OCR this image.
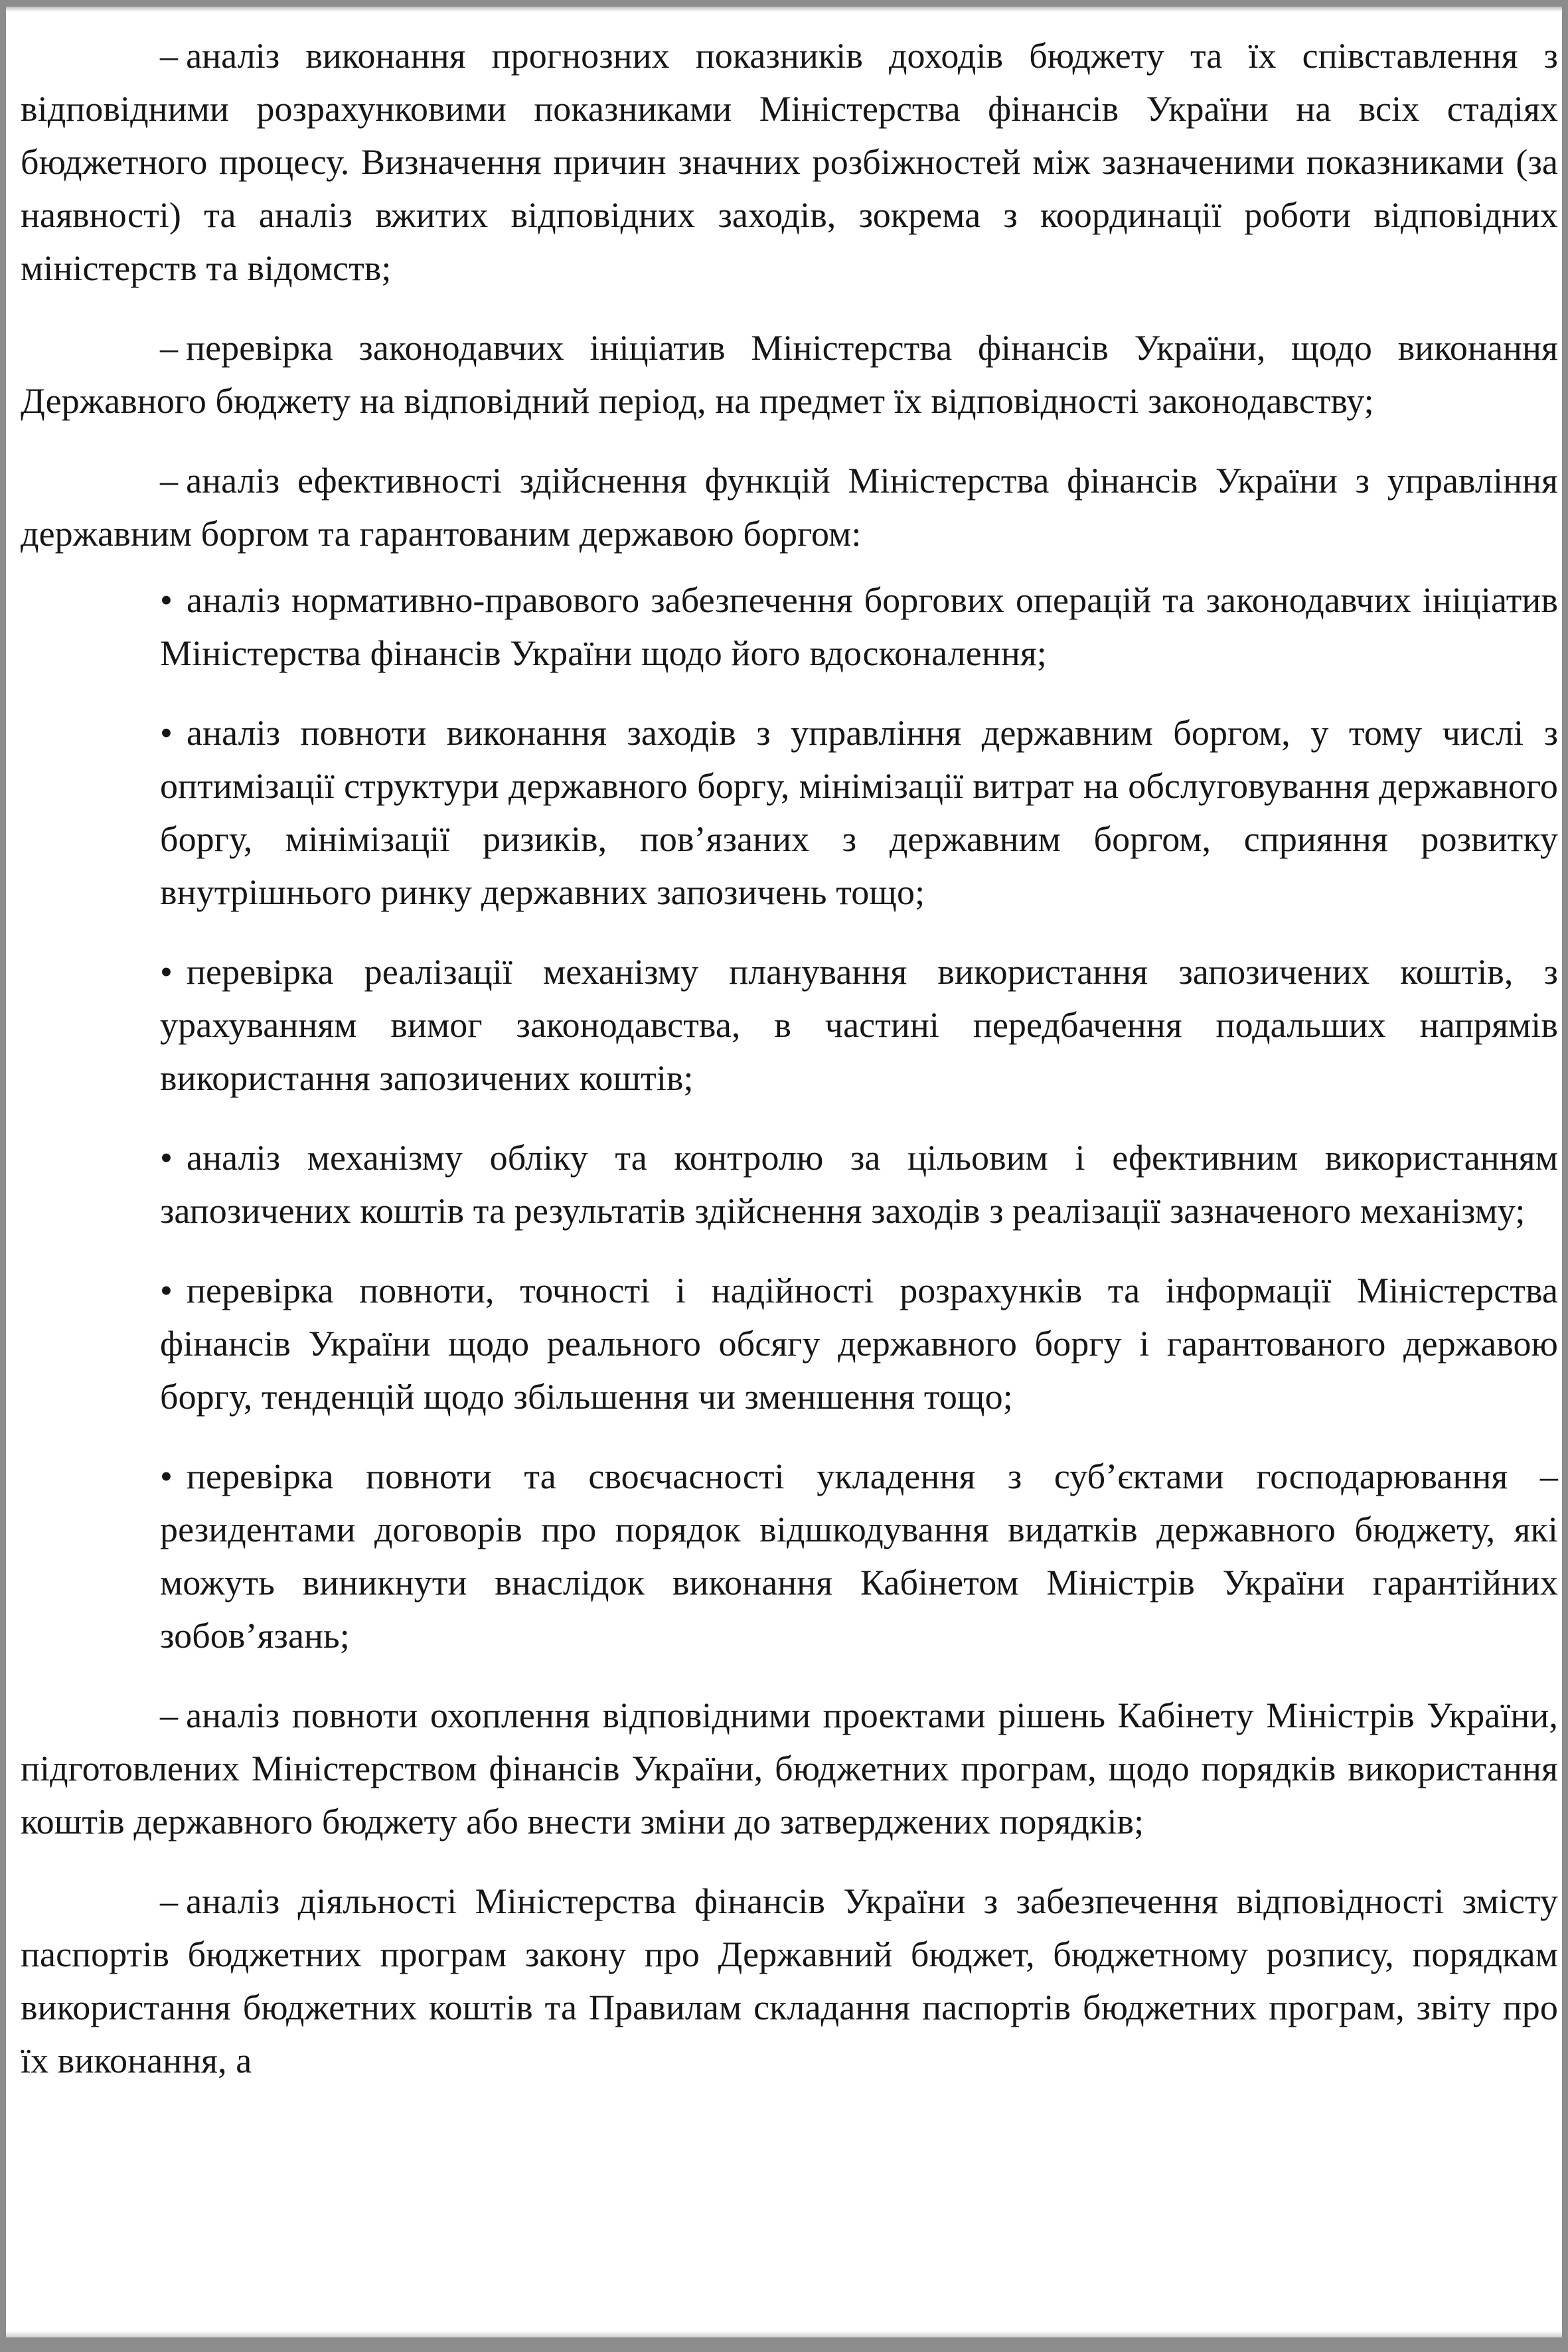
– аналіз виконання прогнозних показників доходів бюджету та їх співставлення з відповідними розрахунковими показниками Міністерства фінансів України на всіх стадіях бюджетного процесу. Визначення причин значних розбіжностей між зазначеними показниками (за наявності) та аналіз вжитих відповідних заходів, зокрема з координації роботи відповідних міністерств та відомств;

– перевірка законодавчих ініціатив Міністерства фінансів України, щодо виконання Державного бюджету на відповідний період, на предмет їх відповідності законодавству;

– аналіз ефективності здійснення функцій Міністерства фінансів України з управління державним боргом та гарантованим державою боргом:

• аналіз нормативно-правового забезпечення боргових операцій та законодавчих ініціатив Міністерства фінансів України щодо його вдосконалення;

• аналіз повноти виконання заходів з управління державним боргом, у тому числі з оптимізації структури державного боргу, мінімізації витрат на обслуговування державного боргу, мінімізації ризиків, пов’язаних з державним боргом, сприяння розвитку внутрішнього ринку державних запозичень тощо;

• перевірка реалізації механізму планування використання запозичених коштів, з урахуванням вимог законодавства, в частині передбачення подальших напрямів використання запозичених коштів;

• аналіз механізму обліку та контролю за цільовим і ефективним використанням запозичених коштів та результатів здійснення заходів з реалізації зазначеного механізму;

• перевірка повноти, точності і надійності розрахунків та інформації Міністерства фінансів України щодо реального обсягу державного боргу і гарантованого державою боргу, тенденцій щодо збільшення чи зменшення тощо;

• перевірка повноти та своєчасності укладення з суб’єктами господарювання – резидентами договорів про порядок відшкодування видатків державного бюджету, які можуть виникнути внаслідок виконання Кабінетом Міністрів України гарантійних зобов’язань;

– аналіз повноти охоплення відповідними проектами рішень Кабінету Міністрів України, підготовлених Міністерством фінансів України, бюджетних програм, щодо порядків використання коштів державного бюджету або внести зміни до затверджених порядків;

– аналіз діяльності Міністерства фінансів України з забезпечення відповідності змісту паспортів бюджетних програм закону про Державний бюджет, бюджетному розпису, порядкам використання бюджетних коштів та Правилам складання паспортів бюджетних програм, звіту про їх виконання, а
